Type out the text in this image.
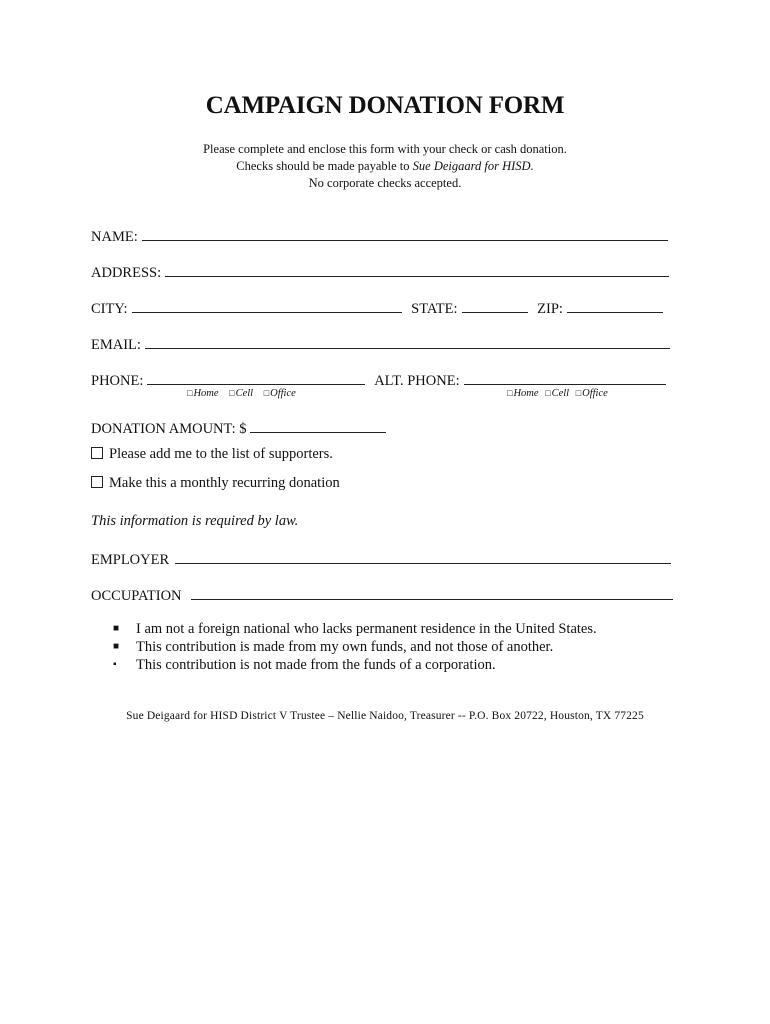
CAMPAIGN DONATION FORM
Please complete and enclose this form with your check or cash donation.
Checks should be made payable to Sue Deigaard for HISD.
No corporate checks accepted.
NAME:
ADDRESS:
CITY:	STATE:	ZIP:
EMAIL:
PHONE:	ALT. PHONE:
□Home □Cell □Office	□Home □Cell □Office
DONATION AMOUNT: $
Please add me to the list of supporters.
Make this a monthly recurring donation
This information is required by law.
EMPLOYER
OCCUPATION
■ I am not a foreign national who lacks permanent residence in the United States.
■ This contribution is made from my own funds, and not those of another.
▪ This contribution is not made from the funds of a corporation.
Sue Deigaard for HISD District V Trustee – Nellie Naidoo, Treasurer -- P.O. Box 20722, Houston, TX 77225
